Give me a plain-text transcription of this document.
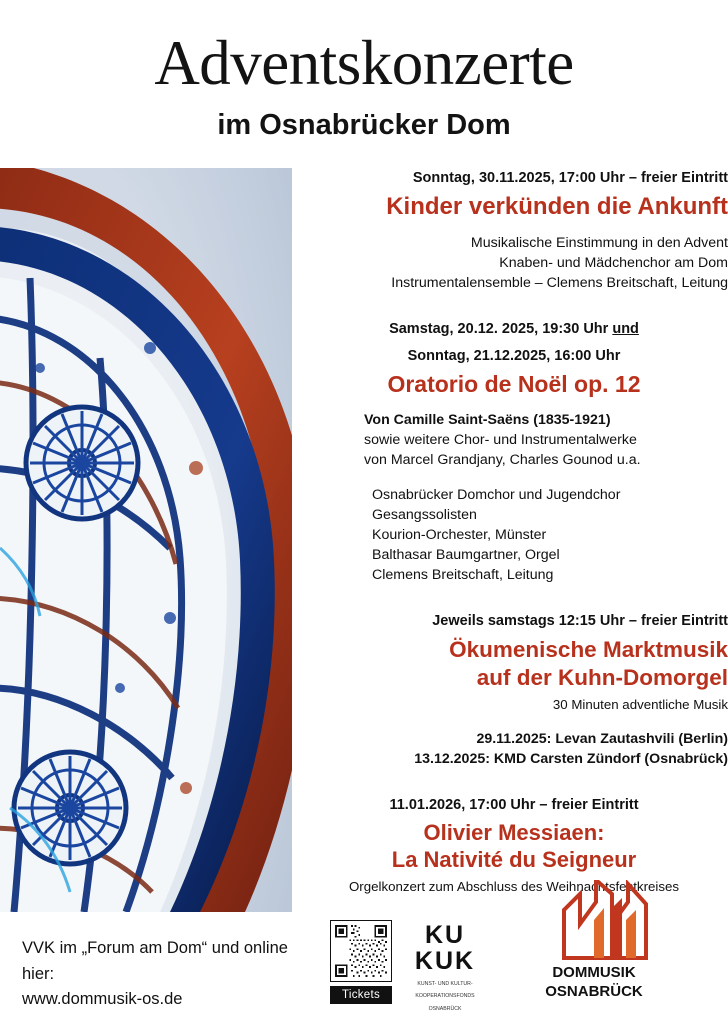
Adventskonzerte
im Osnabrücker Dom
Sonntag, 30.11.2025, 17:00 Uhr – freier Eintritt
Kinder verkünden die Ankunft
Musikalische Einstimmung in den Advent
Knaben- und Mädchenchor am Dom
Instrumentalensemble – Clemens Breitschaft, Leitung
Samstag, 20.12. 2025, 19:30 Uhr und
Sonntag, 21.12.2025, 16:00 Uhr
Oratorio de Noël op. 12
Von Camille Saint-Saëns (1835-1921)
sowie weitere Chor- und Instrumentalwerke
von Marcel Grandjany, Charles Gounod u.a.
Osnabrücker Domchor und Jugendchor
Gesangssolisten
Kourion-Orchester, Münster
Balthasar Baumgartner, Orgel
Clemens Breitschaft, Leitung
Jeweils samstags 12:15 Uhr – freier Eintritt
Ökumenische Marktmusik
auf der Kuhn-Domorgel
30 Minuten adventliche Musik
29.11.2025: Levan Zautashvili (Berlin)
13.12.2025: KMD Carsten Zündorf (Osnabrück)
11.01.2026, 17:00 Uhr – freier Eintritt
Olivier Messiaen:
La Nativité du Seigneur
Orgelkonzert zum Abschluss des Weihnachtsfestkreises
VVK im „Forum am Dom“ und online hier:
www.dommusik-os.de	Tickets
KU
KUK
KUNST- UND KULTUR-
KOOPERATIONSFONDS
OSNABRÜCK
DOMMUSIK
OSNABRÜCK
